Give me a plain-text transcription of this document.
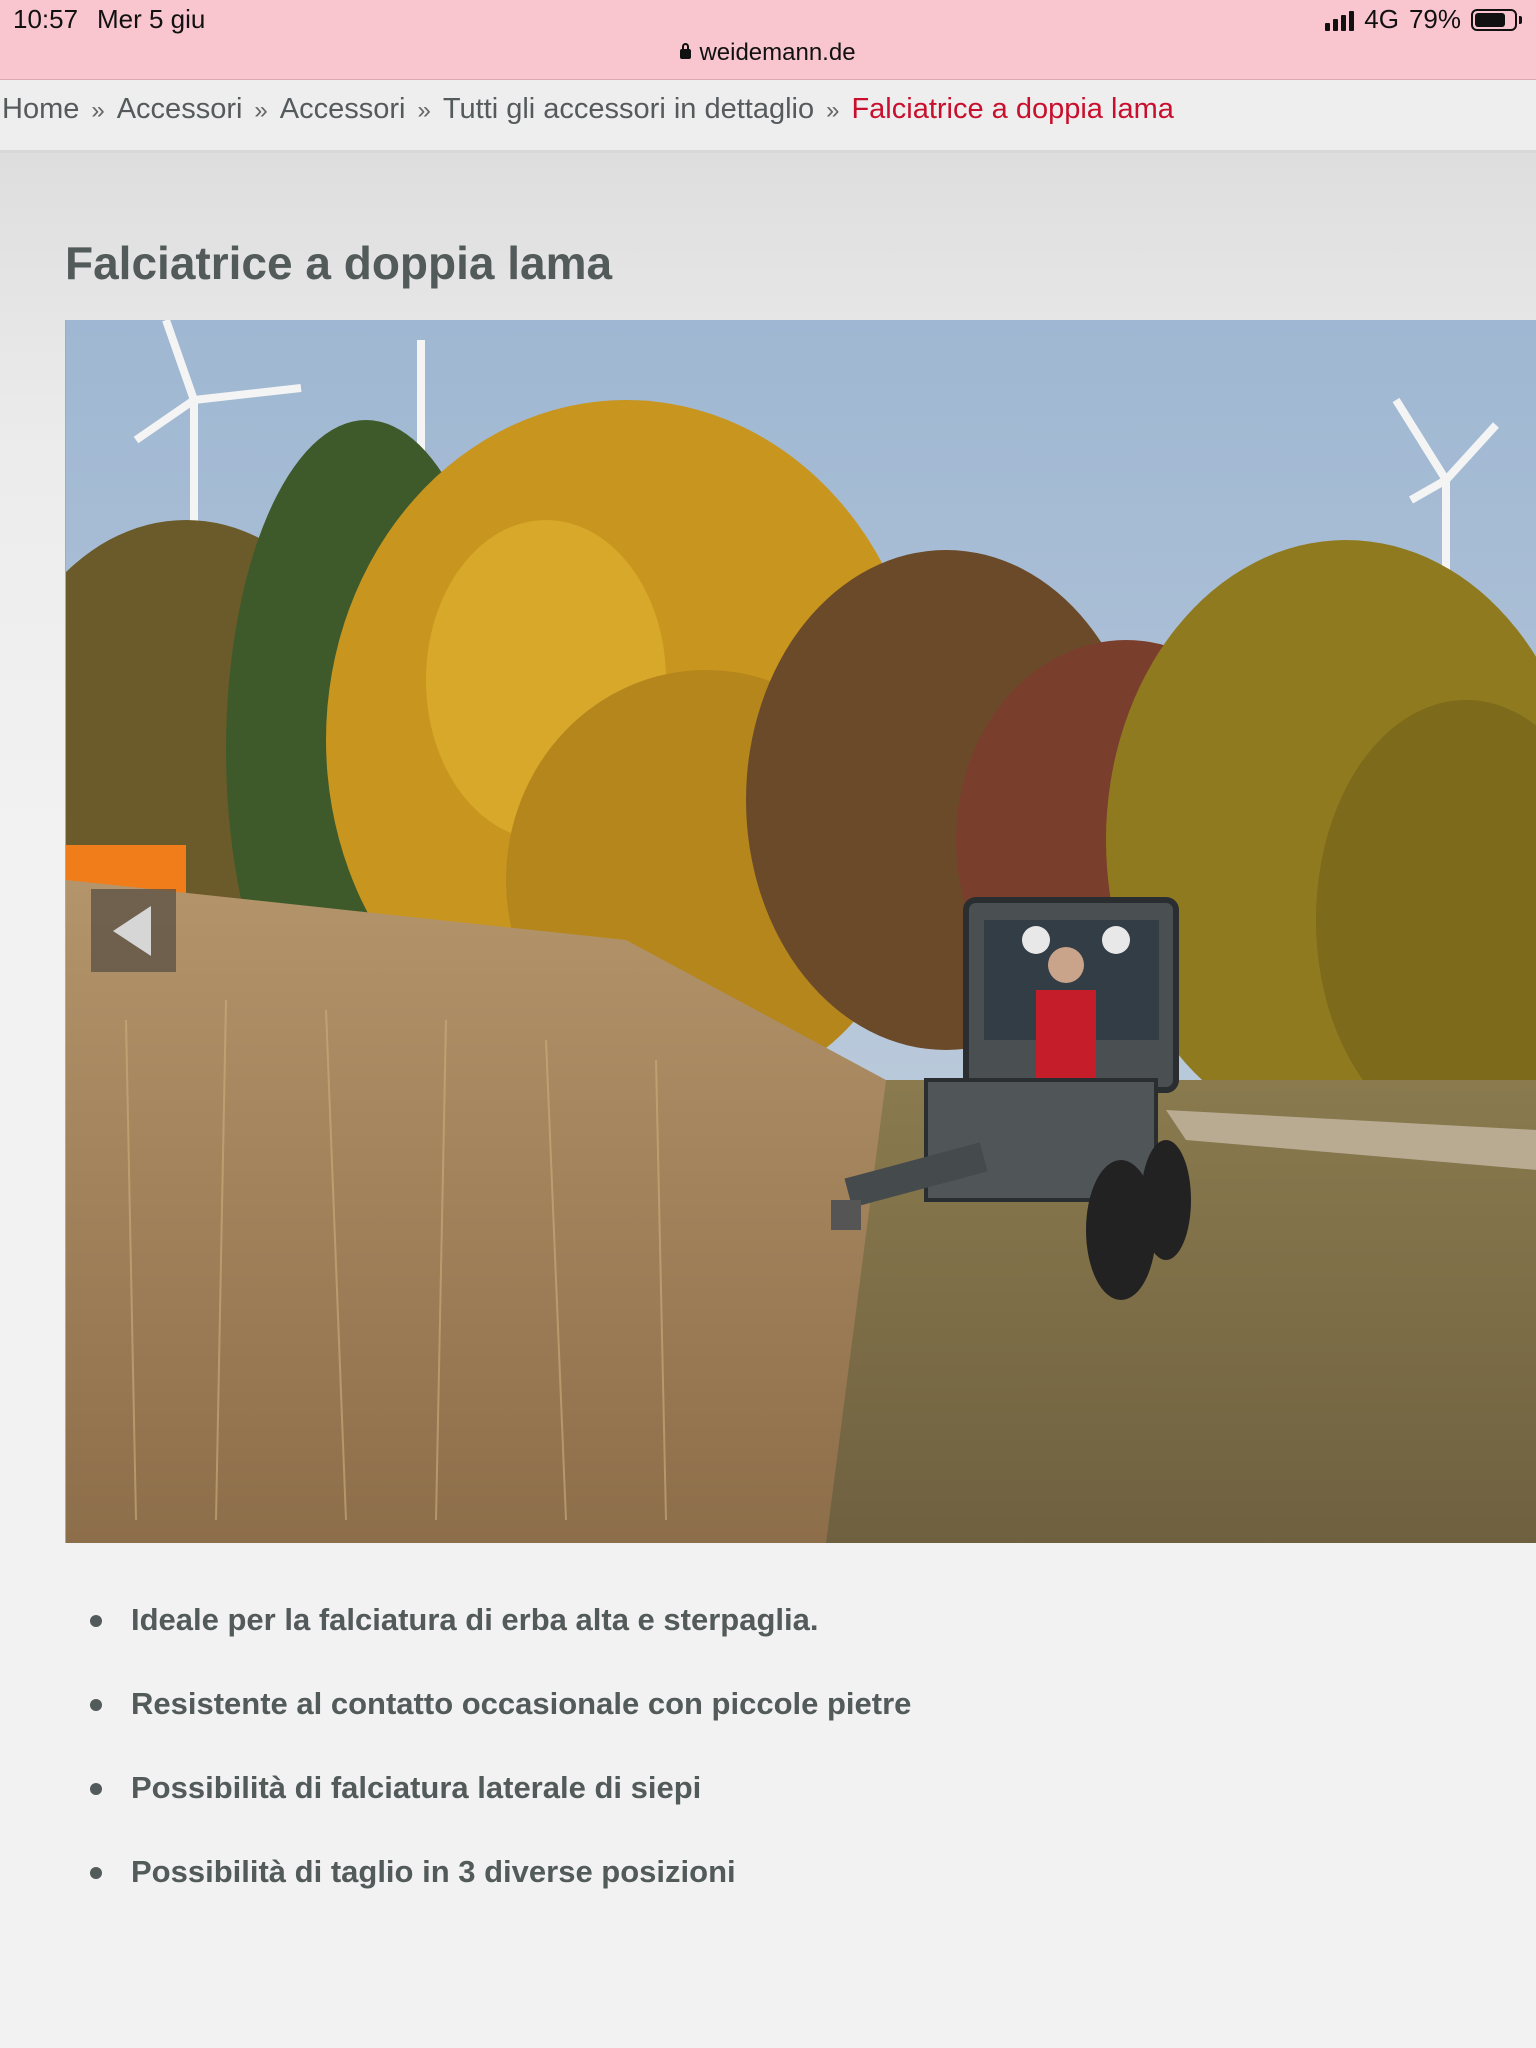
10:57 Mer 5 giu	4G 79%
weidemann.de
Home » Accessori » Accessori » Tutti gli accessori in dettaglio » Falciatrice a doppia lama
Falciatrice a doppia lama
Ideale per la falciatura di erba alta e sterpaglia.
Resistente al contatto occasionale con piccole pietre
Possibilità di falciatura laterale di siepi
Possibilità di taglio in 3 diverse posizioni
